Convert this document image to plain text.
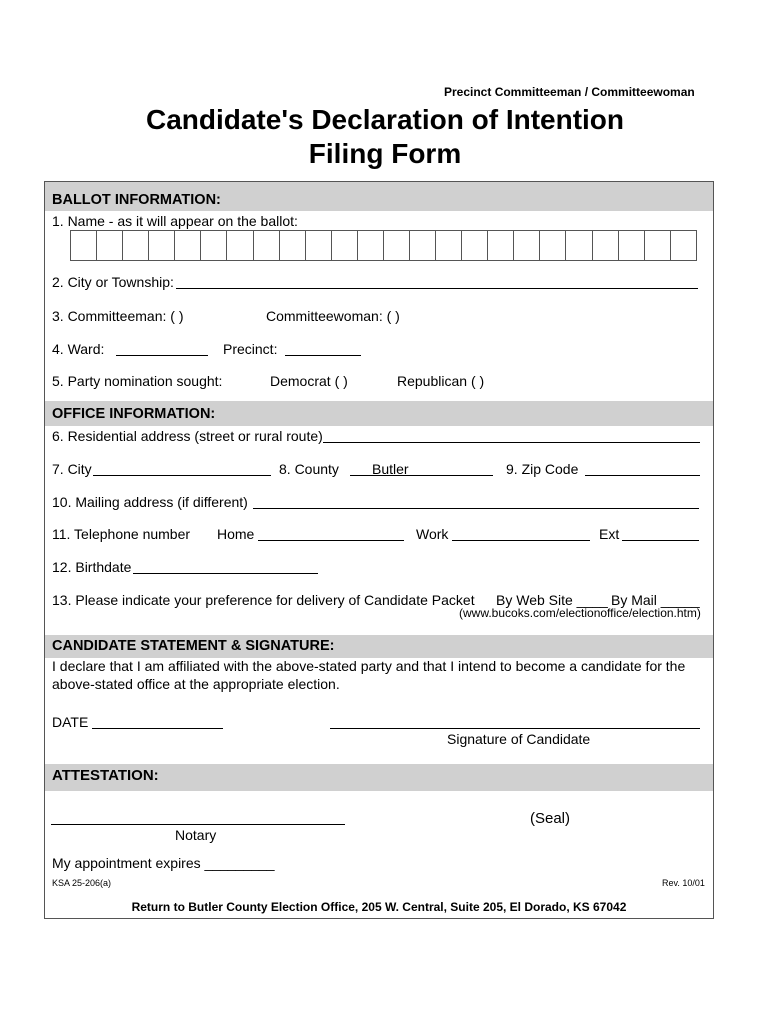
Precinct Committeeman / Committeewoman
Candidate's Declaration of Intention
Filing Form
BALLOT INFORMATION:
1. Name - as it will appear on the ballot:
2. City or Township:
3. Committeeman: ( )	Committeewoman: ( )
4. Ward:	Precinct:
5. Party nomination sought:	Democrat ( )	Republican ( )
OFFICE INFORMATION:
6. Residential address (street or rural route)
7. City	8. County Butler	9. Zip Code
10. Mailing address (if different)
11. Telephone number Home	Work	Ext
12. Birthdate
13. Please indicate your preference for delivery of Candidate Packet By Web Site ____ By Mail _____
(www.bucoks.com/electionoffice/election.htm)
CANDIDATE STATEMENT & SIGNATURE:
I declare that I am affiliated with the above-stated party and that I intend to become a candidate for the
above-stated office at the appropriate election.
DATE
Signature of Candidate
ATTESTATION:
Notary
(Seal)
My appointment expires _________
KSA 25-206(a)	Rev. 10/01
Return to Butler County Election Office, 205 W. Central, Suite 205, El Dorado, KS 67042
